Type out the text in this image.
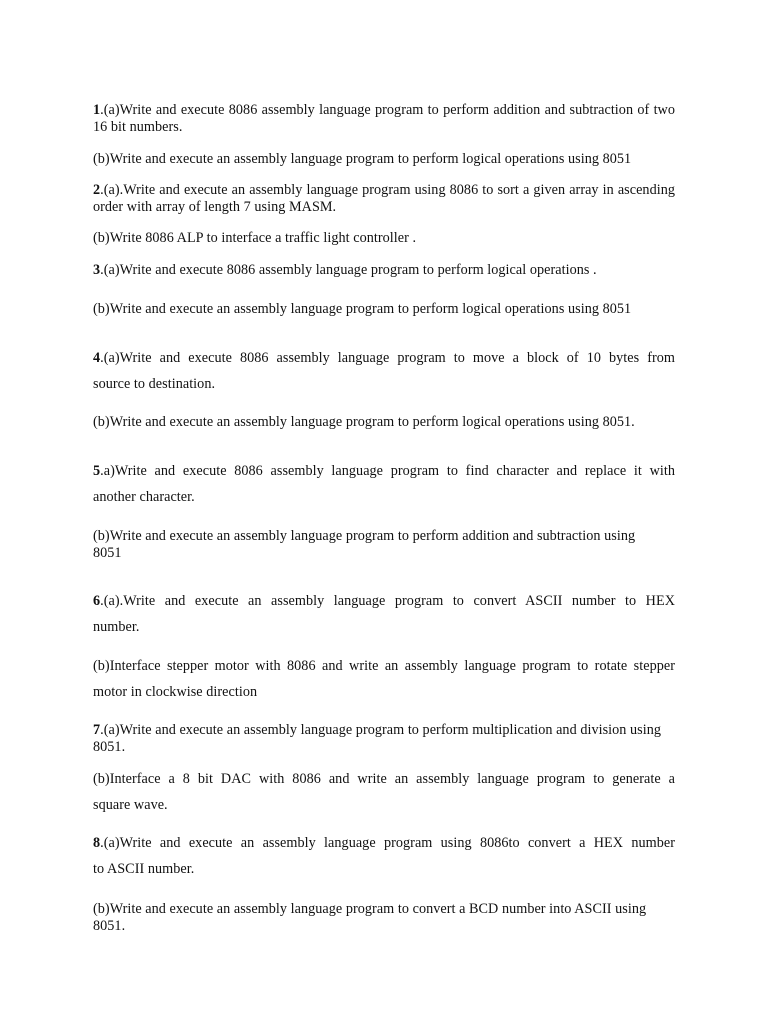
1.(a)Write and execute 8086 assembly language program to perform addition and subtraction of two 16 bit numbers.

(b)Write and execute an assembly language program to perform logical operations using 8051

2.(a).Write and execute an assembly language program using 8086 to sort a given array in ascending order with array of length 7 using MASM.

(b)Write 8086 ALP to interface a traffic light controller .

3.(a)Write and execute 8086 assembly language program to perform logical operations .

(b)Write and execute an assembly language program to perform logical operations using 8051

4.(a)Write and execute 8086 assembly language program to move a block of 10 bytes from
source to destination.

(b)Write and execute an assembly language program to perform logical operations using 8051.

5.a)Write and execute 8086 assembly language program to find character and replace it with
another character.

(b)Write and execute an assembly language program to perform addition and subtraction using 8051

6.(a).Write and execute an assembly language program to convert ASCII number to HEX
number.
(b)Interface stepper motor with 8086 and write an assembly language program to rotate stepper
motor in clockwise direction

7.(a)Write and execute an assembly language program to perform multiplication and division using 8051.

(b)Interface a 8 bit DAC with 8086 and write an assembly language program to generate a
square wave.
8.(a)Write and execute an assembly language program using 8086to convert a HEX number
to ASCII number.

(b)Write and execute an assembly language program to convert a BCD number into ASCII using 8051.
